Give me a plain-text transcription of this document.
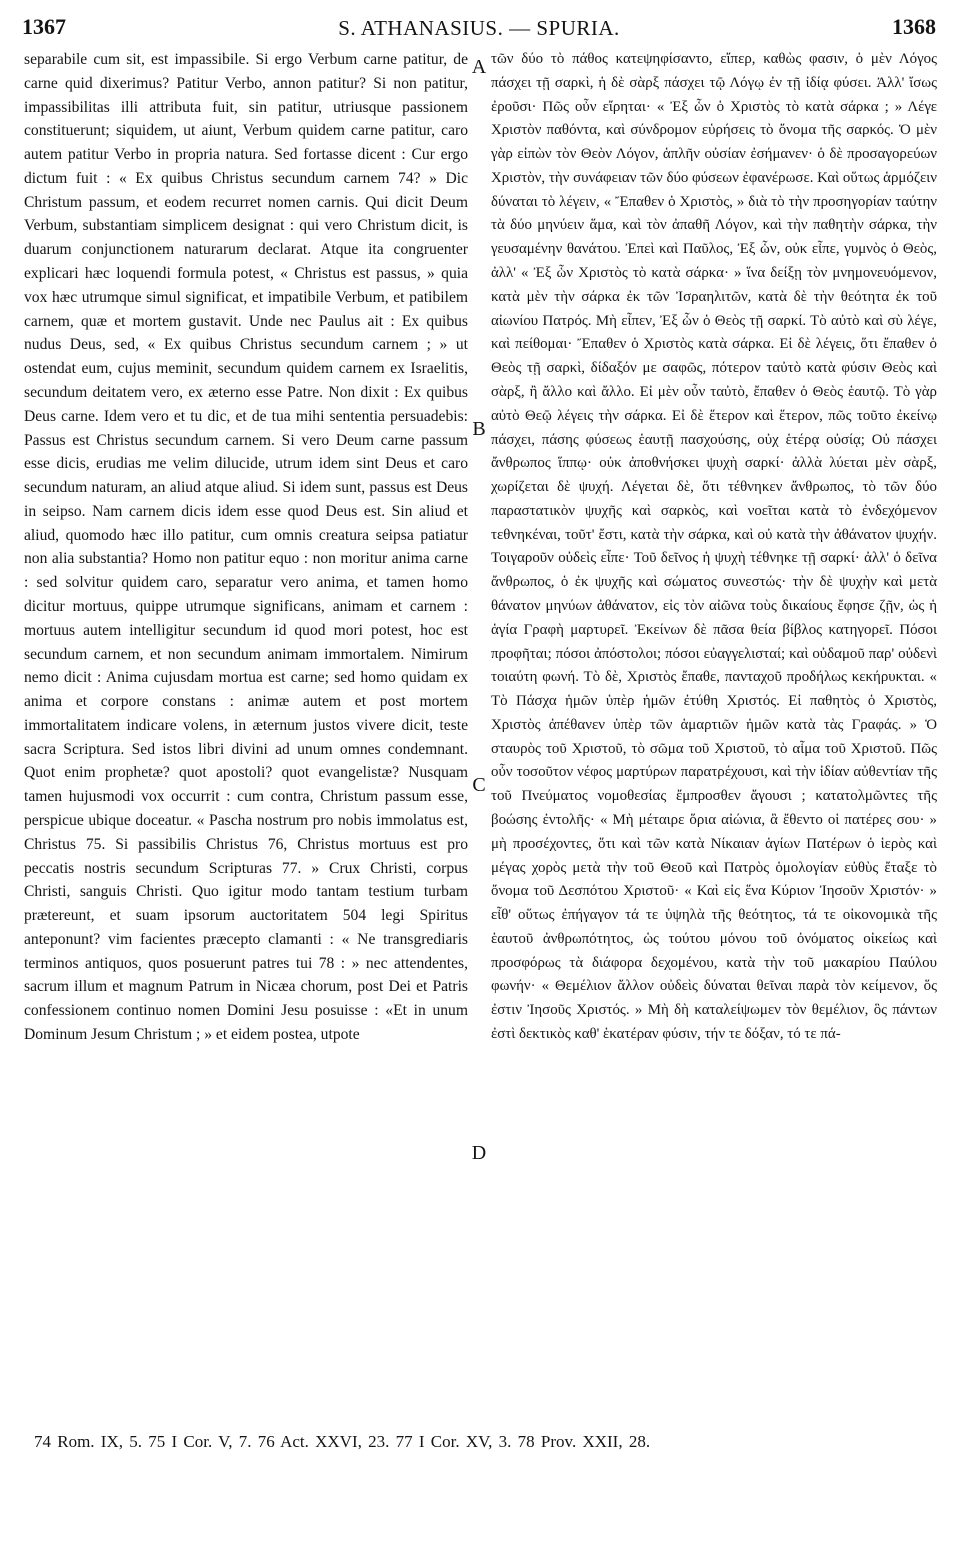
1367	S. ATHANASIUS. — SPURIA.	1368

separabile cum sit, est impassibile. Si ergo Verbum carne patitur, de carne quid dixerimus? Patitur Verbo, annon patitur? Si non patitur, impassibilitas illi attributa fuit, sin patitur, utriusque passionem constituerunt; siquidem, ut aiunt, Verbum quidem carne patitur, caro autem patitur Verbo in propria natura. Sed fortasse dicent : Cur ergo dictum fuit : « Ex quibus Christus secundum carnem 74? » Dic Christum passum, et eodem recurret nomen carnis. Qui dicit Deum Verbum, substantiam simplicem designat : qui vero Christum dicit, is duarum conjunctionem naturarum declarat. Atque ita congruenter explicari hæc loquendi formula potest, « Christus est passus, » quia vox hæc utrumque simul significat, et impatibile Verbum, et patibilem carnem, quæ et mortem gustavit. Unde nec Paulus ait : Ex quibus nudus Deus, sed, « Ex quibus Christus secundum carnem ; » ut ostendat eum, cujus meminit, secundum quidem carnem ex Israelitis, secundum deitatem vero, ex æterno esse Patre. Non dixit : Ex quibus Deus carne. Idem vero et tu dic, et de tua mihi sententia persuadebis: Passus est Christus secundum carnem. Si vero Deum carne passum esse dicis, erudias me velim dilucide, utrum idem sint Deus et caro secundum naturam, an aliud atque aliud. Si idem sunt, passus est Deus in seipso. Nam carnem dicis idem esse quod Deus est. Sin aliud et aliud, quomodo hæc illo patitur, cum omnis creatura seipsa patiatur non alia substantia? Homo non patitur equo : non moritur anima carne : sed solvitur quidem caro, separatur vero anima, et tamen homo dicitur mortuus, quippe utrumque significans, animam et carnem : mortuus autem intelligitur secundum id quod mori potest, hoc est secundum carnem, et non secundum animam immortalem. Nimirum nemo dicit : Anima cujusdam mortua est carne; sed homo quidam ex anima et corpore constans : animæ autem et post mortem immortalitatem indicare volens, in æternum justos vivere dicit, teste sacra Scriptura. Sed istos libri divini ad unum omnes condemnant. Quot enim prophetæ? quot apostoli? quot evangelistæ? Nusquam tamen hujusmodi vox occurrit : cum contra, Christum passum esse, perspicue ubique doceatur. « Pascha nostrum pro nobis immolatus est, Christus 75. Si passibilis Christus 76, Christus mortuus est pro peccatis nostris secundum Scripturas 77. » Crux Christi, corpus Christi, sanguis Christi. Quo igitur modo tantam testium turbam prætereunt, et suam ipsorum auctoritatem 504 legi Spiritus anteponunt? vim facientes præcepto clamanti : « Ne transgrediaris terminos antiquos, quos posuerunt patres tui 78 : » nec attendentes, sacrum illum et magnum Patrum in Nicæa chorum, post Dei et Patris confessionem continuo nomen Domini Jesu posuisse : «Et in unum Dominum Jesum Christum ; » et eidem postea, utpote

A
B
C
D

τῶν δύο τὸ πάθος κατεψηφίσαντο, εἴπερ, καθὼς φασιν, ὁ μὲν Λόγος πάσχει τῇ σαρκὶ, ἡ δὲ σὰρξ πάσχει τῷ Λόγῳ ἐν τῇ ἰδίᾳ φύσει. Ἀλλ' ἴσως ἐροῦσι· Πῶς οὖν εἴρηται· « Ἐξ ὧν ὁ Χριστὸς τὸ κατὰ σάρκα ; » Λέγε Χριστὸν παθόντα, καὶ σύνδρομον εὑρήσεις τὸ ὄνομα τῆς σαρκός. Ὁ μὲν γὰρ εἰπὼν τὸν Θεὸν Λόγον, ἁπλῆν οὐσίαν ἐσήμανεν· ὁ δὲ προσαγορεύων Χριστὸν, τὴν συνάφειαν τῶν δύο φύσεων ἐφανέρωσε. Καὶ οὕτως ἁρμόζειν δύναται τὸ λέγειν, « Ἔπαθεν ὁ Χριστὸς, » διὰ τὸ τὴν προσηγορίαν ταύτην τὰ δύο μηνύειν ἅμα, καὶ τὸν ἀπαθῆ Λόγον, καὶ τὴν παθητὴν σάρκα, τὴν γευσαμένην θανάτου. Ἐπεὶ καὶ Παῦλος, Ἐξ ὧν, οὐκ εἶπε, γυμνὸς ὁ Θεὸς, ἀλλ' « Ἐξ ὧν Χριστὸς τὸ κατὰ σάρκα· » ἵνα δείξῃ τὸν μνημονευόμενον, κατὰ μὲν τὴν σάρκα ἐκ τῶν Ἰσραηλιτῶν, κατὰ δὲ τὴν θεότητα ἐκ τοῦ αἰωνίου Πατρός. Μὴ εἶπεν, Ἐξ ὧν ὁ Θεὸς τῇ σαρκί. Τὸ αὐτὸ καὶ σὺ λέγε, καὶ πείθομαι· Ἔπαθεν ὁ Χριστὸς κατὰ σάρκα. Εἰ δὲ λέγεις, ὅτι ἔπαθεν ὁ Θεὸς τῇ σαρκὶ, δίδαξόν με σαφῶς, πότερον ταὐτὸ κατὰ φύσιν Θεὸς καὶ σὰρξ, ἢ ἄλλο καὶ ἄλλο. Εἰ μὲν οὖν ταὐτὸ, ἔπαθεν ὁ Θεὸς ἑαυτῷ. Τὸ γὰρ αὐτὸ Θεῷ λέγεις τὴν σάρκα. Εἰ δὲ ἕτερον καὶ ἕτερον, πῶς τοῦτο ἐκείνῳ πάσχει, πάσης φύσεως ἑαυτῇ πασχούσης, οὐχ ἑτέρᾳ οὐσίᾳ; Οὐ πάσχει ἄνθρωπος ἵππῳ· οὐκ ἀποθνήσκει ψυχὴ σαρκί· ἀλλὰ λύεται μὲν σὰρξ, χωρίζεται δὲ ψυχή. Λέγεται δὲ, ὅτι τέθνηκεν ἄνθρωπος, τὸ τῶν δύο παραστατικὸν ψυχῆς καὶ σαρκὸς, καὶ νοεῖται κατὰ τὸ ἐνδεχόμενον τεθνηκέναι, τοῦτ' ἔστι, κατὰ τὴν σάρκα, καὶ οὐ κατὰ τὴν ἀθάνατον ψυχήν. Τοιγαροῦν οὐδεὶς εἶπε· Τοῦ δεῖνος ἡ ψυχὴ τέθνηκε τῇ σαρκί· ἀλλ' ὁ δεῖνα ἄνθρωπος, ὁ ἐκ ψυχῆς καὶ σώματος συνεστώς· τὴν δὲ ψυχὴν καὶ μετὰ θάνατον μηνύων ἀθάνατον, εἰς τὸν αἰῶνα τοὺς δικαίους ἔφησε ζῇν, ὡς ἡ ἁγία Γραφὴ μαρτυρεῖ. Ἐκείνων δὲ πᾶσα θεία βίβλος κατηγορεῖ. Πόσοι προφῆται; πόσοι ἀπόστολοι; πόσοι εὐαγγελισταί; καὶ οὐδαμοῦ παρ' οὐδενὶ τοιαύτη φωνή. Τὸ δὲ, Χριστὸς ἔπαθε, πανταχοῦ προδήλως κεκήρυκται. « Τὸ Πάσχα ἡμῶν ὑπὲρ ἡμῶν ἐτύθη Χριστός. Εἰ παθητὸς ὁ Χριστὸς, Χριστὸς ἀπέθανεν ὑπὲρ τῶν ἁμαρτιῶν ἡμῶν κατὰ τὰς Γραφάς. » Ὁ σταυρὸς τοῦ Χριστοῦ, τὸ σῶμα τοῦ Χριστοῦ, τὸ αἷμα τοῦ Χριστοῦ. Πῶς οὖν τοσοῦτον νέφος μαρτύρων παρατρέχουσι, καὶ τὴν ἰδίαν αὐθεντίαν τῆς τοῦ Πνεύματος νομοθεσίας ἔμπροσθεν ἄγουσι ; κατατολμῶντες τῆς βοώσης ἐντολῆς· « Μὴ μέταιρε ὅρια αἰώνια, ἃ ἔθεντο οἱ πατέρες σου· » μὴ προσέχοντες, ὅτι καὶ τῶν κατὰ Νίκαιαν ἁγίων Πατέρων ὁ ἱερὸς καὶ μέγας χορὸς μετὰ τὴν τοῦ Θεοῦ καὶ Πατρὸς ὁμολογίαν εὐθὺς ἔταξε τὸ ὄνομα τοῦ Δεσπότου Χριστοῦ· « Καὶ εἰς ἕνα Κύριον Ἰησοῦν Χριστόν· » εἶθ' οὕτως ἐπήγαγον τά τε ὑψηλὰ τῆς θεότητος, τά τε οἰκονομικὰ τῆς ἑαυτοῦ ἀνθρωπότητος, ὡς τούτου μόνου τοῦ ὀνόματος οἰκείως καὶ προσφόρως τὰ διάφορα δεχομένου, κατὰ τὴν τοῦ μακαρίου Παύλου φωνήν· « Θεμέλιον ἄλλον οὐδεὶς δύναται θεῖναι παρὰ τὸν κείμενον, ὅς ἐστιν Ἰησοῦς Χριστός. » Μὴ δὴ καταλείψωμεν τὸν θεμέλιον, ὃς πάντων ἐστὶ δεκτικὸς καθ' ἑκατέραν φύσιν, τήν τε δόξαν, τό τε πά-

74 Rom. IX, 5. 75 I Cor. V, 7. 76 Act. XXVI, 23. 77 I Cor. XV, 3. 78 Prov. XXII, 28.
